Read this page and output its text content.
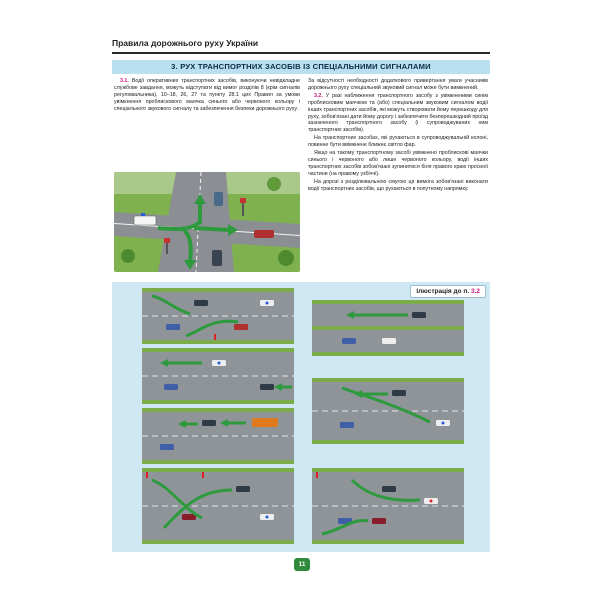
Правила дорожнього руху України
3. РУХ ТРАНСПОРТНИХ ЗАСОБІВ ІЗ СПЕЦІАЛЬНИМИ СИГНАЛАМИ

3.1. Водії оперативних транспортних засобів, виконуючи невідкладне службове завдання, можуть відступати від вимог розділів 8 (крім сигналів регулювальника), 10–18, 26, 27 та пункту 28.1 цих Правил за умови увімкнення проблискового маячка синього або червоного кольору і спеціального звукового сигналу та забезпечення безпеки дорожнього руху.

За відсутності необхідності додаткового привертання уваги учасників дорожнього руху спеціальний звуковий сигнал може бути вимкнений.

3.2. У разі наближення транспортного засобу з увімкненими синім проблисковим маячком та (або) спеціальним звуковим сигналом водії інших транспортних засобів, які можуть створювати йому перешкоду для руху, зобов'язані дати йому дорогу і забезпечити безперешкодний проїзд зазначеного транспортного засобу (і супроводжуваних ним транспортних засобів).

На транспортних засобах, які рухаються в супроводжувальній колоні, повинне бути ввімкнене ближнє світло фар.

Якщо на такому транспортному засобі увімкнено проблискові маячки синього і червоного або лише червоного кольору, водії інших транспортних засобів зобов'язані зупинитися біля правого краю проїзної частини (на правому узбіччі).

На дорозі з розділювальною смугою ця вимога зобов'язані виконати водії транспортних засобів, що рухаються в попутному напрямку.

Ілюстрація до п. 3.2
11
